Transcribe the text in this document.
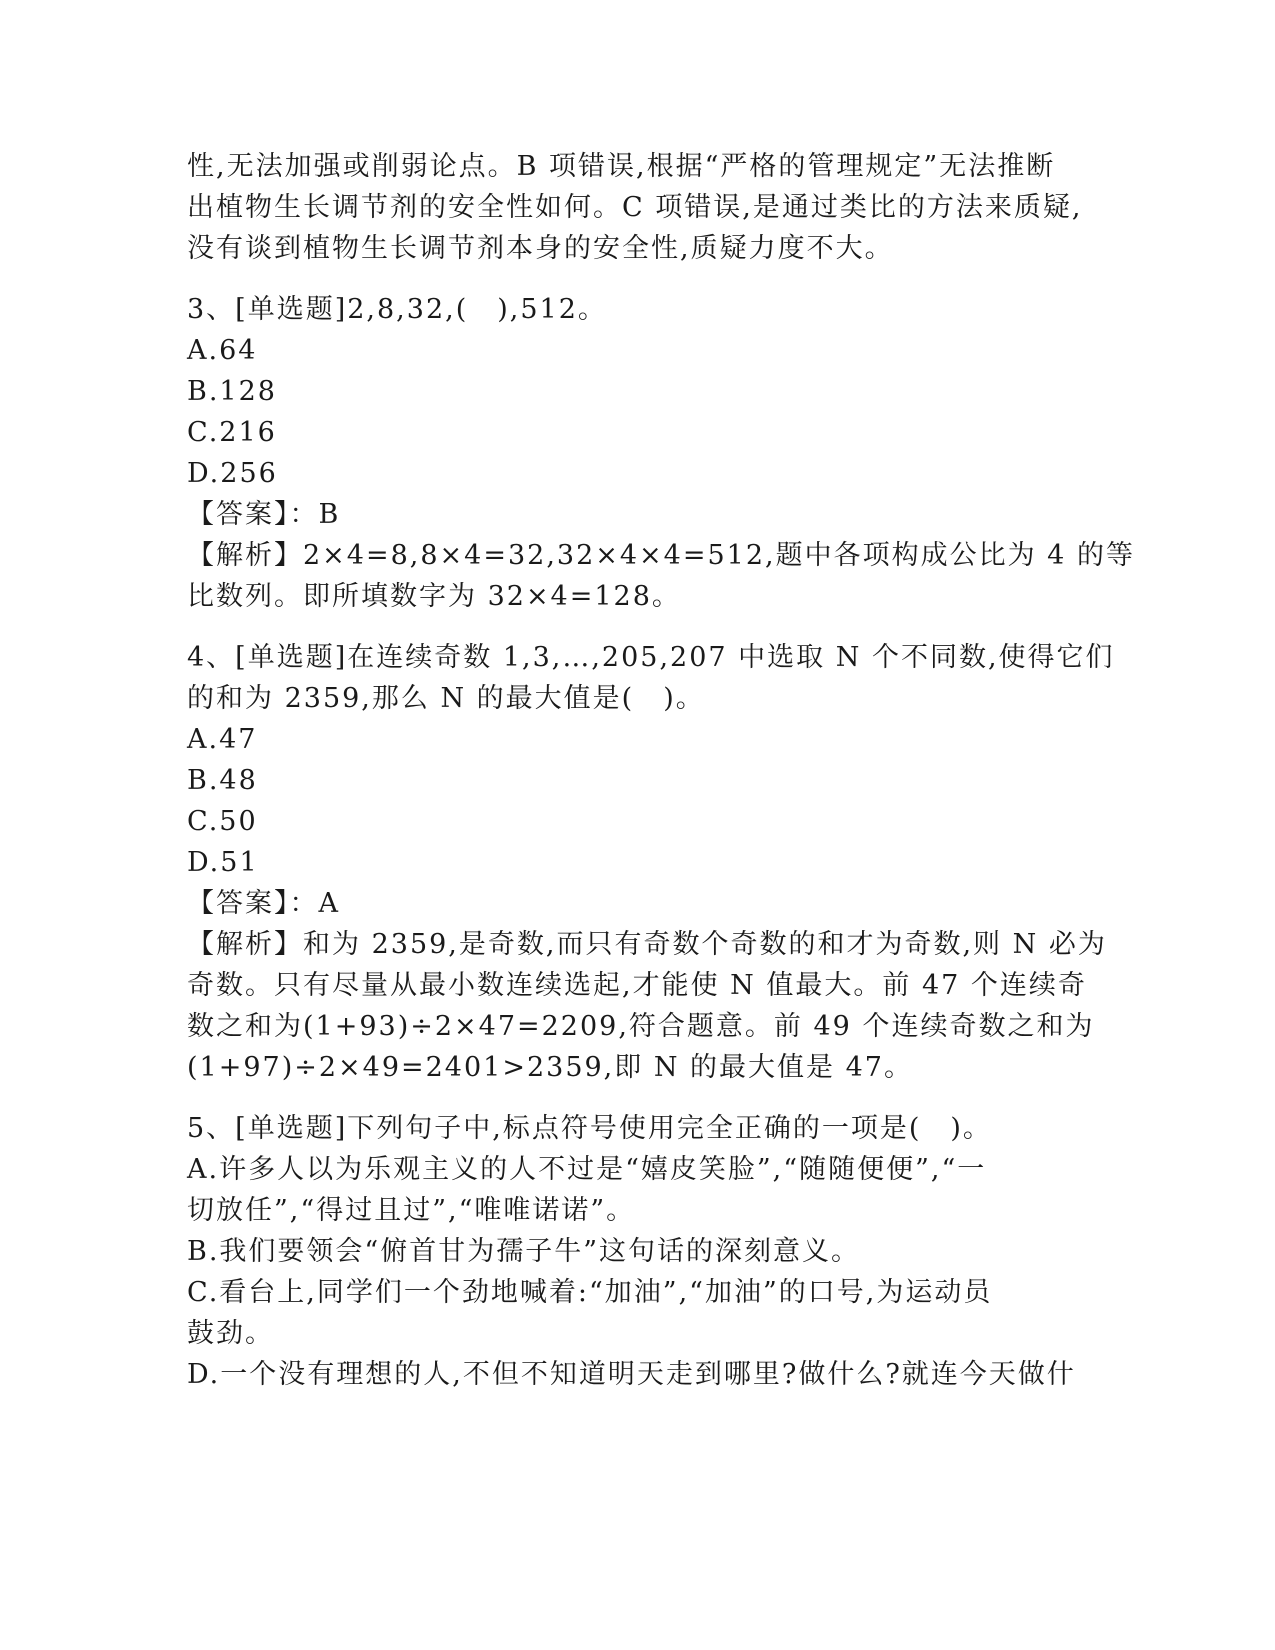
性,无法加强或削弱论点。B 项错误,根据“严格的管理规定”无法推断
出植物生长调节剂的安全性如何。C 项错误,是通过类比的方法来质疑,
没有谈到植物生长调节剂本身的安全性,质疑力度不大。
3、[单选题]2,8,32,(　),512。
A.64
B.128
C.216
D.256
【答案】：B
【解析】2×4=8,8×4=32,32×4×4=512,题中各项构成公比为 4 的等
比数列。即所填数字为 32×4=128。
4、[单选题]在连续奇数 1,3,…,205,207 中选取 N 个不同数,使得它们
的和为 2359,那么 N 的最大值是(　)。
A.47
B.48
C.50
D.51
【答案】：A
【解析】和为 2359,是奇数,而只有奇数个奇数的和才为奇数,则 N 必为
奇数。只有尽量从最小数连续选起,才能使 N 值最大。前 47 个连续奇
数之和为(1+93)÷2×47=2209,符合题意。前 49 个连续奇数之和为
(1+97)÷2×49=2401>2359,即 N 的最大值是 47。
5、[单选题]下列句子中,标点符号使用完全正确的一项是(　)。
A.许多人以为乐观主义的人不过是“嬉皮笑脸”,“随随便便”,“一
切放任”,“得过且过”,“唯唯诺诺”。
B.我们要领会“俯首甘为孺子牛”这句话的深刻意义。
C.看台上,同学们一个劲地喊着:“加油”,“加油”的口号,为运动员
鼓劲。
D.一个没有理想的人,不但不知道明天走到哪里?做什么?就连今天做什
